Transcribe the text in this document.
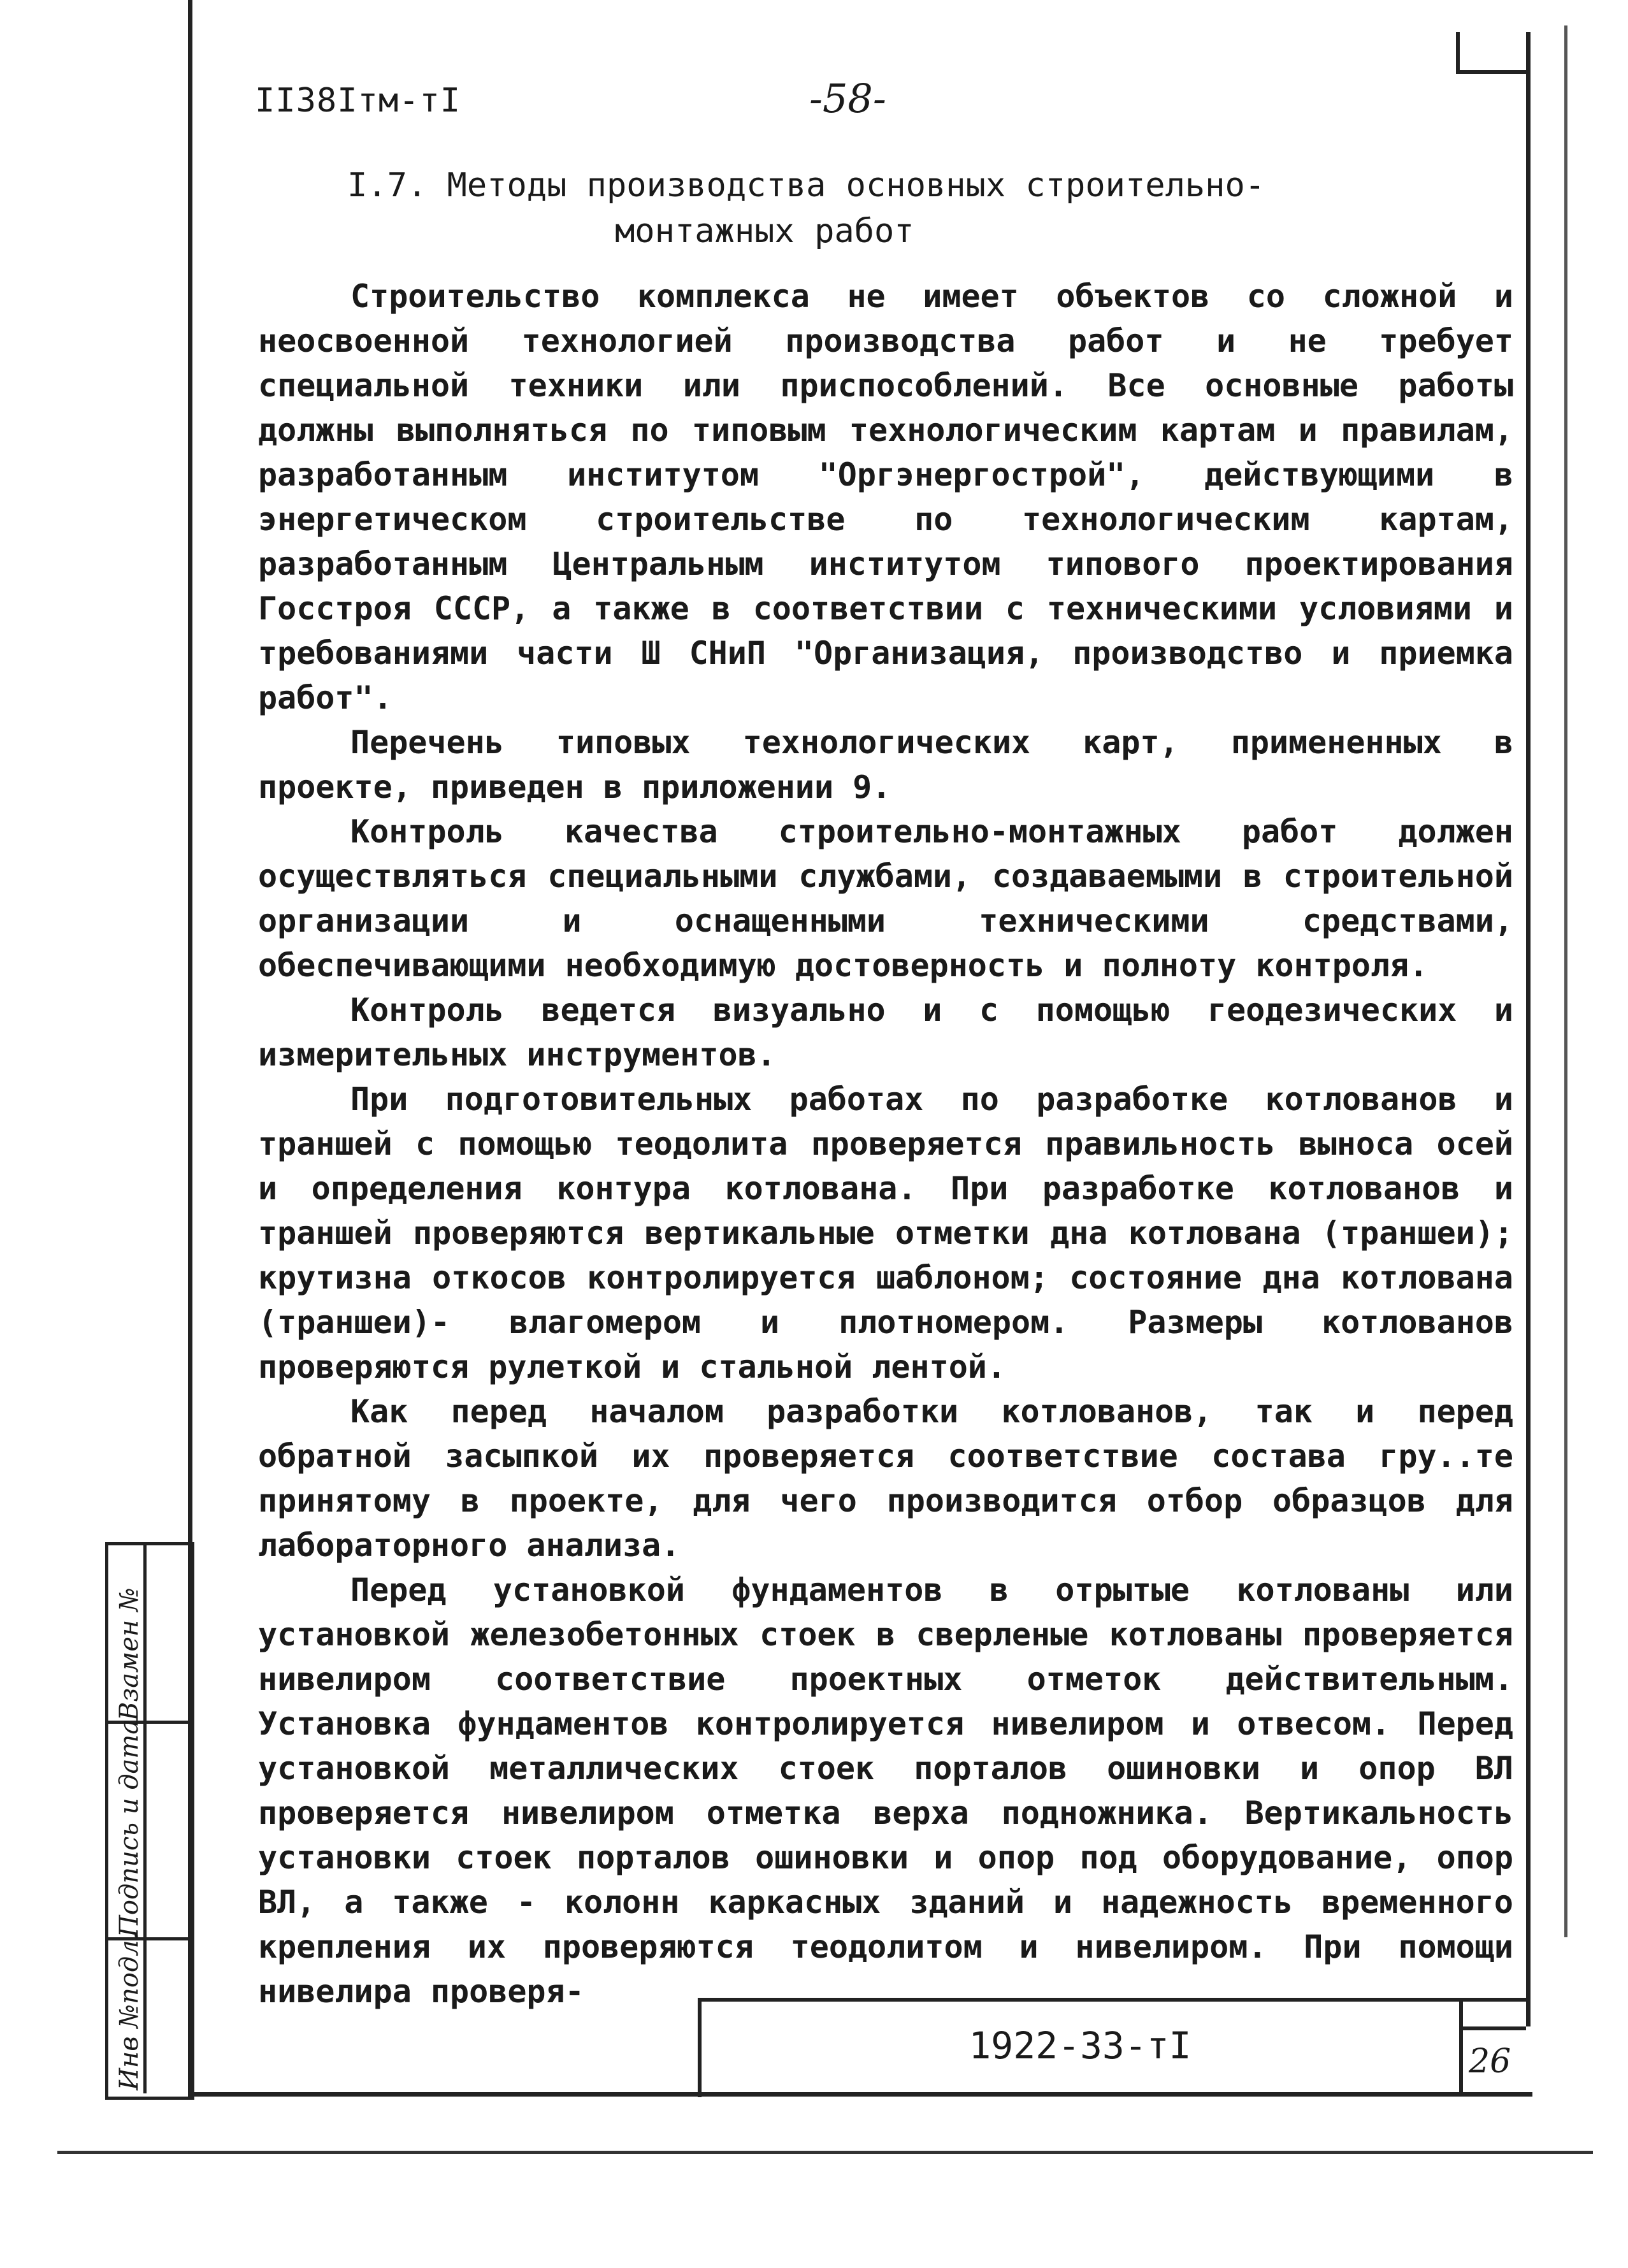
II38Iтм-тI	-58-
I.7. Методы производства основных строительно-
монтажных работ

Строительство комплекса не имеет объектов со сложной и неосвоенной технологией производства работ и не требует специальной техники или приспособлений. Все основные работы должны выполняться по типовым технологическим картам и правилам, разработанным институтом "Оргэнергострой", действующими в энергетическом строительстве по технологическим картам, разработанным Центральным институтом типового проектирования Госстроя СССР, а также в соответствии с техническими условиями и требованиями части Ш СНиП "Организация, производство и приемка работ".

Перечень типовых технологических карт, примененных в проекте, приведен в приложении 9.

Контроль качества строительно-монтажных работ должен осуществляться специальными службами, создаваемыми в строительной организации и оснащенными техническими средствами, обеспечивающими необходимую достоверность и полноту контроля.

Контроль ведется визуально и с помощью геодезических и измерительных инструментов.

При подготовительных работах по разработке котлованов и траншей с помощью теодолита проверяется правильность выноса осей и определения контура котлована. При разработке котлованов и траншей проверяются вертикальные отметки дна котлована (траншеи); крутизна откосов контролируется шаблоном; состояние дна котлована (траншеи)- влагомером и плотномером. Размеры котлованов проверяются рулеткой и стальной лентой.

Как перед началом разработки котлованов, так и перед обратной засыпкой их проверяется соответствие состава гру..те принятому в проекте, для чего производится отбор образцов для лабораторного анализа.

Перед установкой фундаментов в отрытые котлованы или установкой железобетонных стоек в сверленые котлованы проверяется нивелиром соответствие проектных отметок действительным. Установка фундаментов контролируется нивелиром и отвесом. Перед установкой металлических стоек порталов ошиновки и опор ВЛ проверяется нивелиром отметка верха подножника. Вертикальность установки стоек порталов ошиновки и опор под оборудование, опор ВЛ, а также - колонн каркасных зданий и надежность временного крепления их проверяются теодолитом и нивелиром. При помощи нивелира проверя-

1922-33-тI	26
Инв №подл.Подпись и датаВзамен №
